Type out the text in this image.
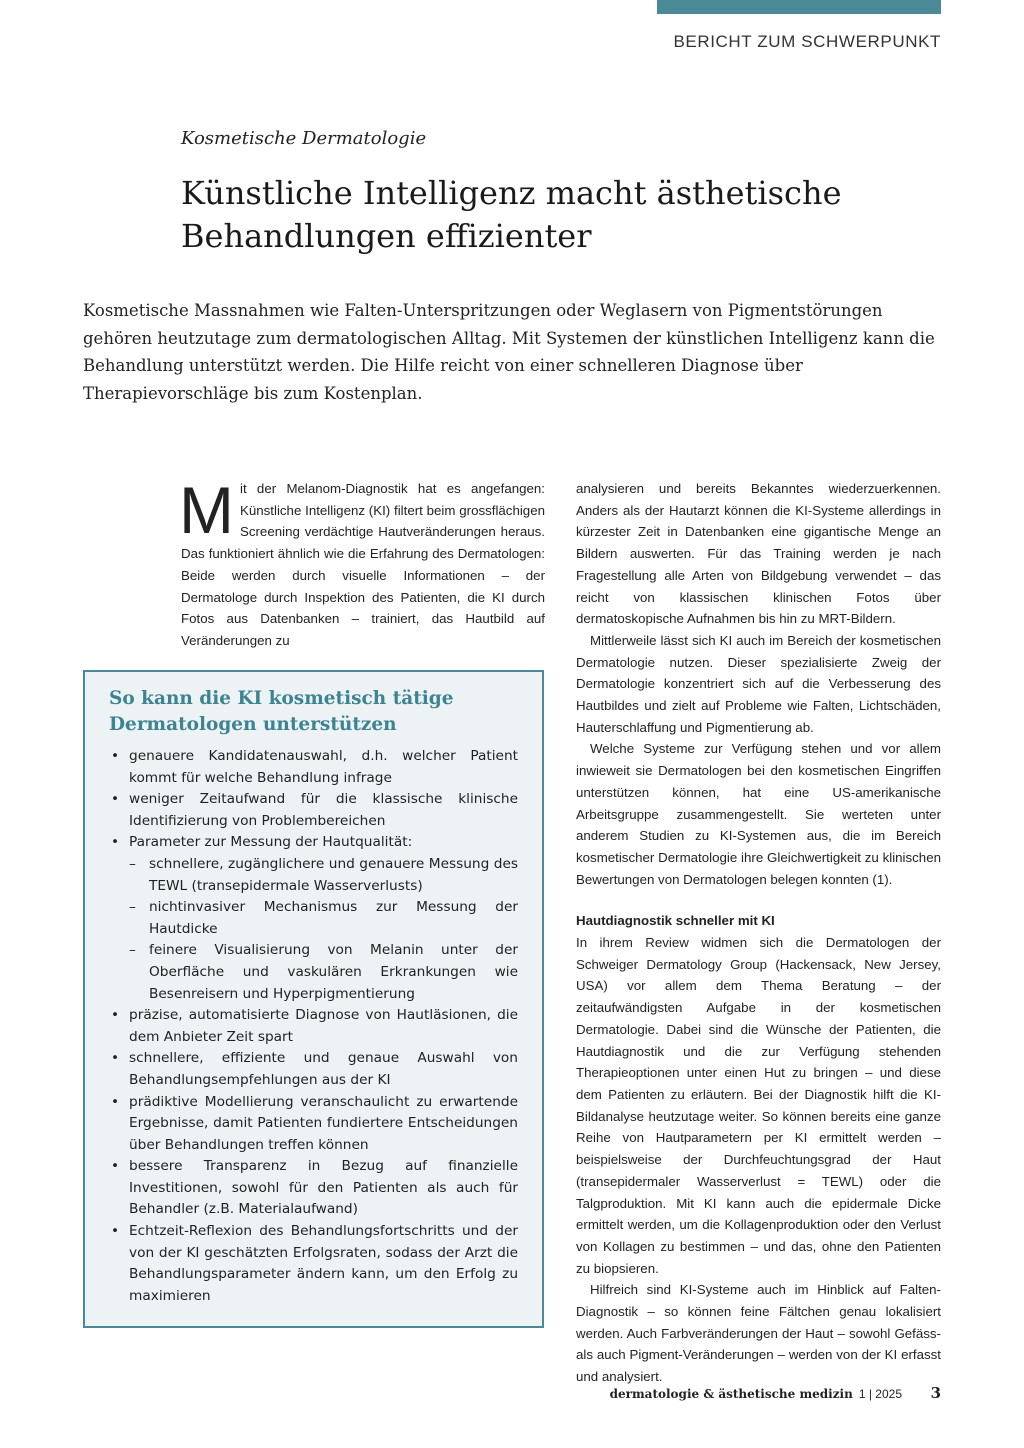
BERICHT ZUM SCHWERPUNKT
Kosmetische Dermatologie
Künstliche Intelligenz macht ästhetische
Behandlungen effizienter

Kosmetische Massnahmen wie Falten-Unterspritzungen oder Weglasern von Pigmentstörungen gehören heutzutage zum dermatologischen Alltag. Mit Systemen der künstlichen Intelligenz kann die Behandlung unterstützt werden. Die Hilfe reicht von einer schnelleren Diagnose über Therapievorschläge bis zum Kostenplan.

Mit der Melanom-Diagnostik hat es angefangen: Künstliche Intelligenz (KI) filtert beim grossflächigen Screening verdächtige Hautveränderungen heraus. Das funktioniert ähnlich wie die Erfahrung des Dermatologen: Beide werden durch visuelle Informationen – der Dermatologe durch Inspektion des Patienten, die KI durch Fotos aus Datenbanken – trainiert, das Hautbild auf Veränderungen zu

So kann die KI kosmetisch tätige
Dermatologen unterstützen
• genauere Kandidatenauswahl, d.h. welcher Patient kommt für welche Behandlung infrage
• weniger Zeitaufwand für die klassische klinische Identifizierung von Problembereichen
• Parameter zur Messung der Hautqualität:
– schnellere, zugänglichere und genauere Messung des TEWL (transepidermale Wasserverlusts)
– nichtinvasiver Mechanismus zur Messung der Hautdicke
– feinere Visualisierung von Melanin unter der Oberfläche und vaskulären Erkrankungen wie Besenreisern und Hyperpigmentierung
• präzise, automatisierte Diagnose von Hautläsionen, die dem Anbieter Zeit spart
• schnellere, effiziente und genaue Auswahl von Behandlungsempfehlungen aus der KI
• prädiktive Modellierung veranschaulicht zu erwartende Ergebnisse, damit Patienten fundiertere Entscheidungen über Behandlungen treffen können
• bessere Transparenz in Bezug auf finanzielle Investitionen, sowohl für den Patienten als auch für Behandler (z.B. Materialaufwand)
• Echtzeit-Reflexion des Behandlungsfortschritts und der von der KI geschätzten Erfolgsraten, sodass der Arzt die Behandlungsparameter ändern kann, um den Erfolg zu maximieren

analysieren und bereits Bekanntes wiederzuerkennen. Anders als der Hautarzt können die KI-Systeme allerdings in kürzester Zeit in Datenbanken eine gigantische Menge an Bildern auswerten. Für das Training werden je nach Fragestellung alle Arten von Bildgebung verwendet – das reicht von klassischen klinischen Fotos über dermatoskopische Aufnahmen bis hin zu MRT-Bildern.

Mittlerweile lässt sich KI auch im Bereich der kosmetischen Dermatologie nutzen. Dieser spezialisierte Zweig der Dermatologie konzentriert sich auf die Verbesserung des Hautbildes und zielt auf Probleme wie Falten, Lichtschäden, Hauterschlaffung und Pigmentierung ab.

Welche Systeme zur Verfügung stehen und vor allem inwieweit sie Dermatologen bei den kosmetischen Eingriffen unterstützen können, hat eine US-amerikanische Arbeitsgruppe zusammengestellt. Sie werteten unter anderem Studien zu KI-Systemen aus, die im Bereich kosmetischer Dermatologie ihre Gleichwertigkeit zu klinischen Bewertungen von Dermatologen belegen konnten (1).

Hautdiagnostik schneller mit KI

In ihrem Review widmen sich die Dermatologen der Schweiger Dermatology Group (Hackensack, New Jersey, USA) vor allem dem Thema Beratung – der zeitaufwändigsten Aufgabe in der kosmetischen Dermatologie. Dabei sind die Wünsche der Patienten, die Hautdiagnostik und die zur Verfügung stehenden Therapieoptionen unter einen Hut zu bringen – und diese dem Patienten zu erläutern. Bei der Diagnostik hilft die KI-Bildanalyse heutzutage weiter. So können bereits eine ganze Reihe von Hautparametern per KI ermittelt werden – beispielsweise der Durchfeuchtungsgrad der Haut (transepidermaler Wasserverlust = TEWL) oder die Talgproduktion. Mit KI kann auch die epidermale Dicke ermittelt werden, um die Kollagenproduktion oder den Verlust von Kollagen zu bestimmen – und das, ohne den Patienten zu biopsieren.

Hilfreich sind KI-Systeme auch im Hinblick auf Falten-Diagnostik – so können feine Fältchen genau lokalisiert werden. Auch Farbveränderungen der Haut – sowohl Gefäss- als auch Pigment-Veränderungen – werden von der KI erfasst und analysiert.

dermatologie & ästhetische medizin 1 | 2025 3
